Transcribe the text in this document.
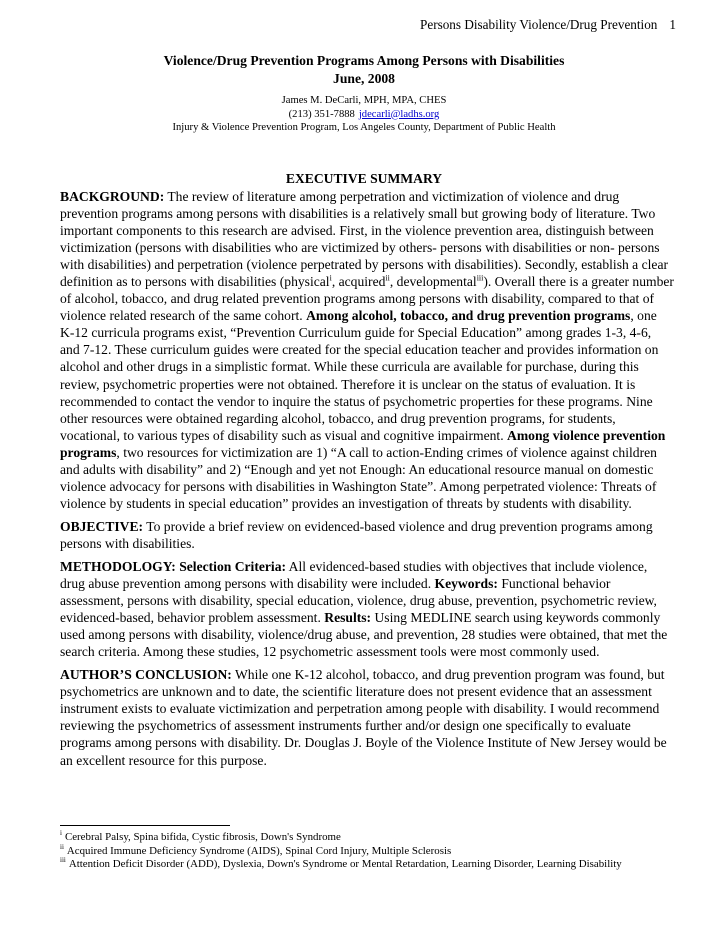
Persons Disability Violence/Drug Prevention 1
Violence/Drug Prevention Programs Among Persons with Disabilities
June, 2008
James M. DeCarli, MPH, MPA, CHES
(213) 351-7888 jdecarli@ladhs.org
Injury & Violence Prevention Program, Los Angeles County, Department of Public Health
EXECUTIVE SUMMARY

BACKGROUND: The review of literature among perpetration and victimization of violence and drug prevention programs among persons with disabilities is a relatively small but growing body of literature. Two important components to this research are advised. First, in the violence prevention area, distinguish between victimization (persons with disabilities who are victimized by others- persons with disabilities or non- persons with disabilities) and perpetration (violence perpetrated by persons with disabilities). Secondly, establish a clear definition as to persons with disabilities (physical$^i$, acquired$^{ii}$, developmental$^{iii}$). Overall there is a greater number of alcohol, tobacco, and drug related prevention programs among persons with disability, compared to that of violence related research of the same cohort. Among alcohol, tobacco, and drug prevention programs, one K-12 curricula programs exist, “Prevention Curriculum guide for Special Education” among grades 1-3, 4-6, and 7-12. These curriculum guides were created for the special education teacher and provides information on alcohol and other drugs in a simplistic format. While these curricula are available for purchase, during this review, psychometric properties were not obtained. Therefore it is unclear on the status of evaluation. It is recommended to contact the vendor to inquire the status of psychometric properties for these programs. Nine other resources were obtained regarding alcohol, tobacco, and drug prevention programs, for students, vocational, to various types of disability such as visual and cognitive impairment. Among violence prevention programs, two resources for victimization are 1) “A call to action-Ending crimes of violence against children and adults with disability” and 2) “Enough and yet not Enough: An educational resource manual on domestic violence advocacy for persons with disabilities in Washington State”. Among perpetrated violence: Threats of violence by students in special education” provides an investigation of threats by students with disability.

OBJECTIVE: To provide a brief review on evidenced-based violence and drug prevention programs among persons with disabilities.

METHODOLOGY: Selection Criteria: All evidenced-based studies with objectives that include violence, drug abuse prevention among persons with disability were included. Keywords: Functional behavior assessment, persons with disability, special education, violence, drug abuse, prevention, psychometric review, evidenced-based, behavior problem assessment. Results: Using MEDLINE search using keywords commonly used among persons with disability, violence/drug abuse, and prevention, 28 studies were obtained, that met the search criteria. Among these studies, 12 psychometric assessment tools were most commonly used.

AUTHOR’S CONCLUSION: While one K-12 alcohol, tobacco, and drug prevention program was found, but psychometrics are unknown and to date, the scientific literature does not present evidence that an assessment instrument exists to evaluate victimization and perpetration among people with disability. I would recommend reviewing the psychometrics of assessment instruments further and/or design one specifically to evaluate programs among persons with disability. Dr. Douglas J. Boyle of the Violence Institute of New Jersey would be an excellent resource for this purpose.

$^i$ Cerebral Palsy, Spina bifida, Cystic fibrosis, Down's Syndrome
$^{ii}$ Acquired Immune Deficiency Syndrome (AIDS), Spinal Cord Injury, Multiple Sclerosis
$^{iii}$ Attention Deficit Disorder (ADD), Dyslexia, Down's Syndrome or Mental Retardation, Learning Disorder, Learning Disability
